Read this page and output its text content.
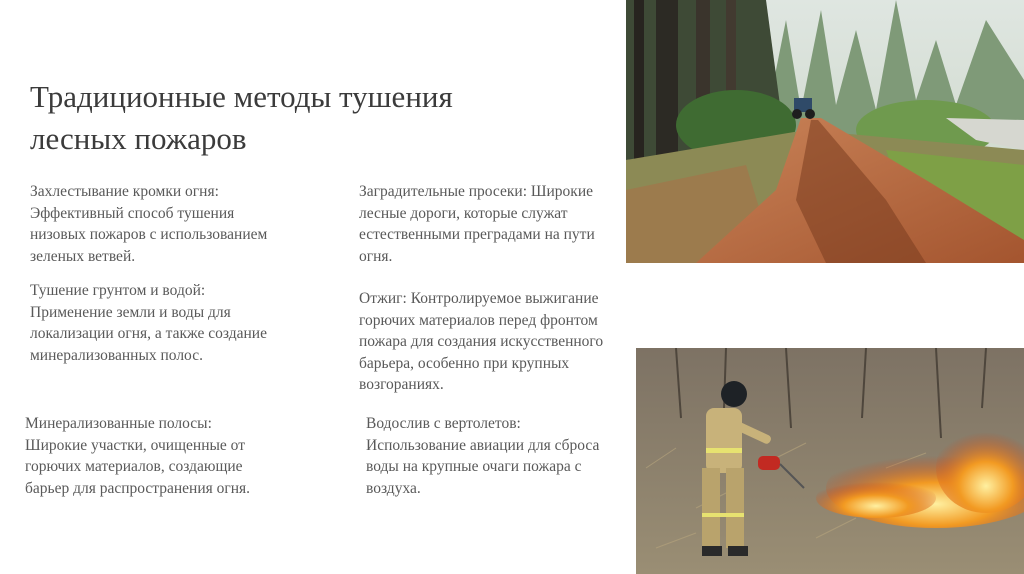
Традиционные методы тушения
лесных пожаров
Захлестывание кромки огня:
Эффективный способ тушения
низовых пожаров с использованием
зеленых ветвей.
Тушение грунтом и водой:
Применение земли и воды для
локализации огня, а также создание
минерализованных полос.
Минерализованные полосы:
Широкие участки, очищенные от
горючих материалов, создающие
барьер для распространения огня.
Заградительные просеки: Широкие
лесные дороги, которые служат
естественными преградами на пути
огня.
Отжиг: Контролируемое выжигание
горючих материалов перед фронтом
пожара для создания искусственного
барьера, особенно при крупных
возгораниях.
Водослив с вертолетов:
Использование авиации для сброса
воды на крупные очаги пожара с
воздуха.
